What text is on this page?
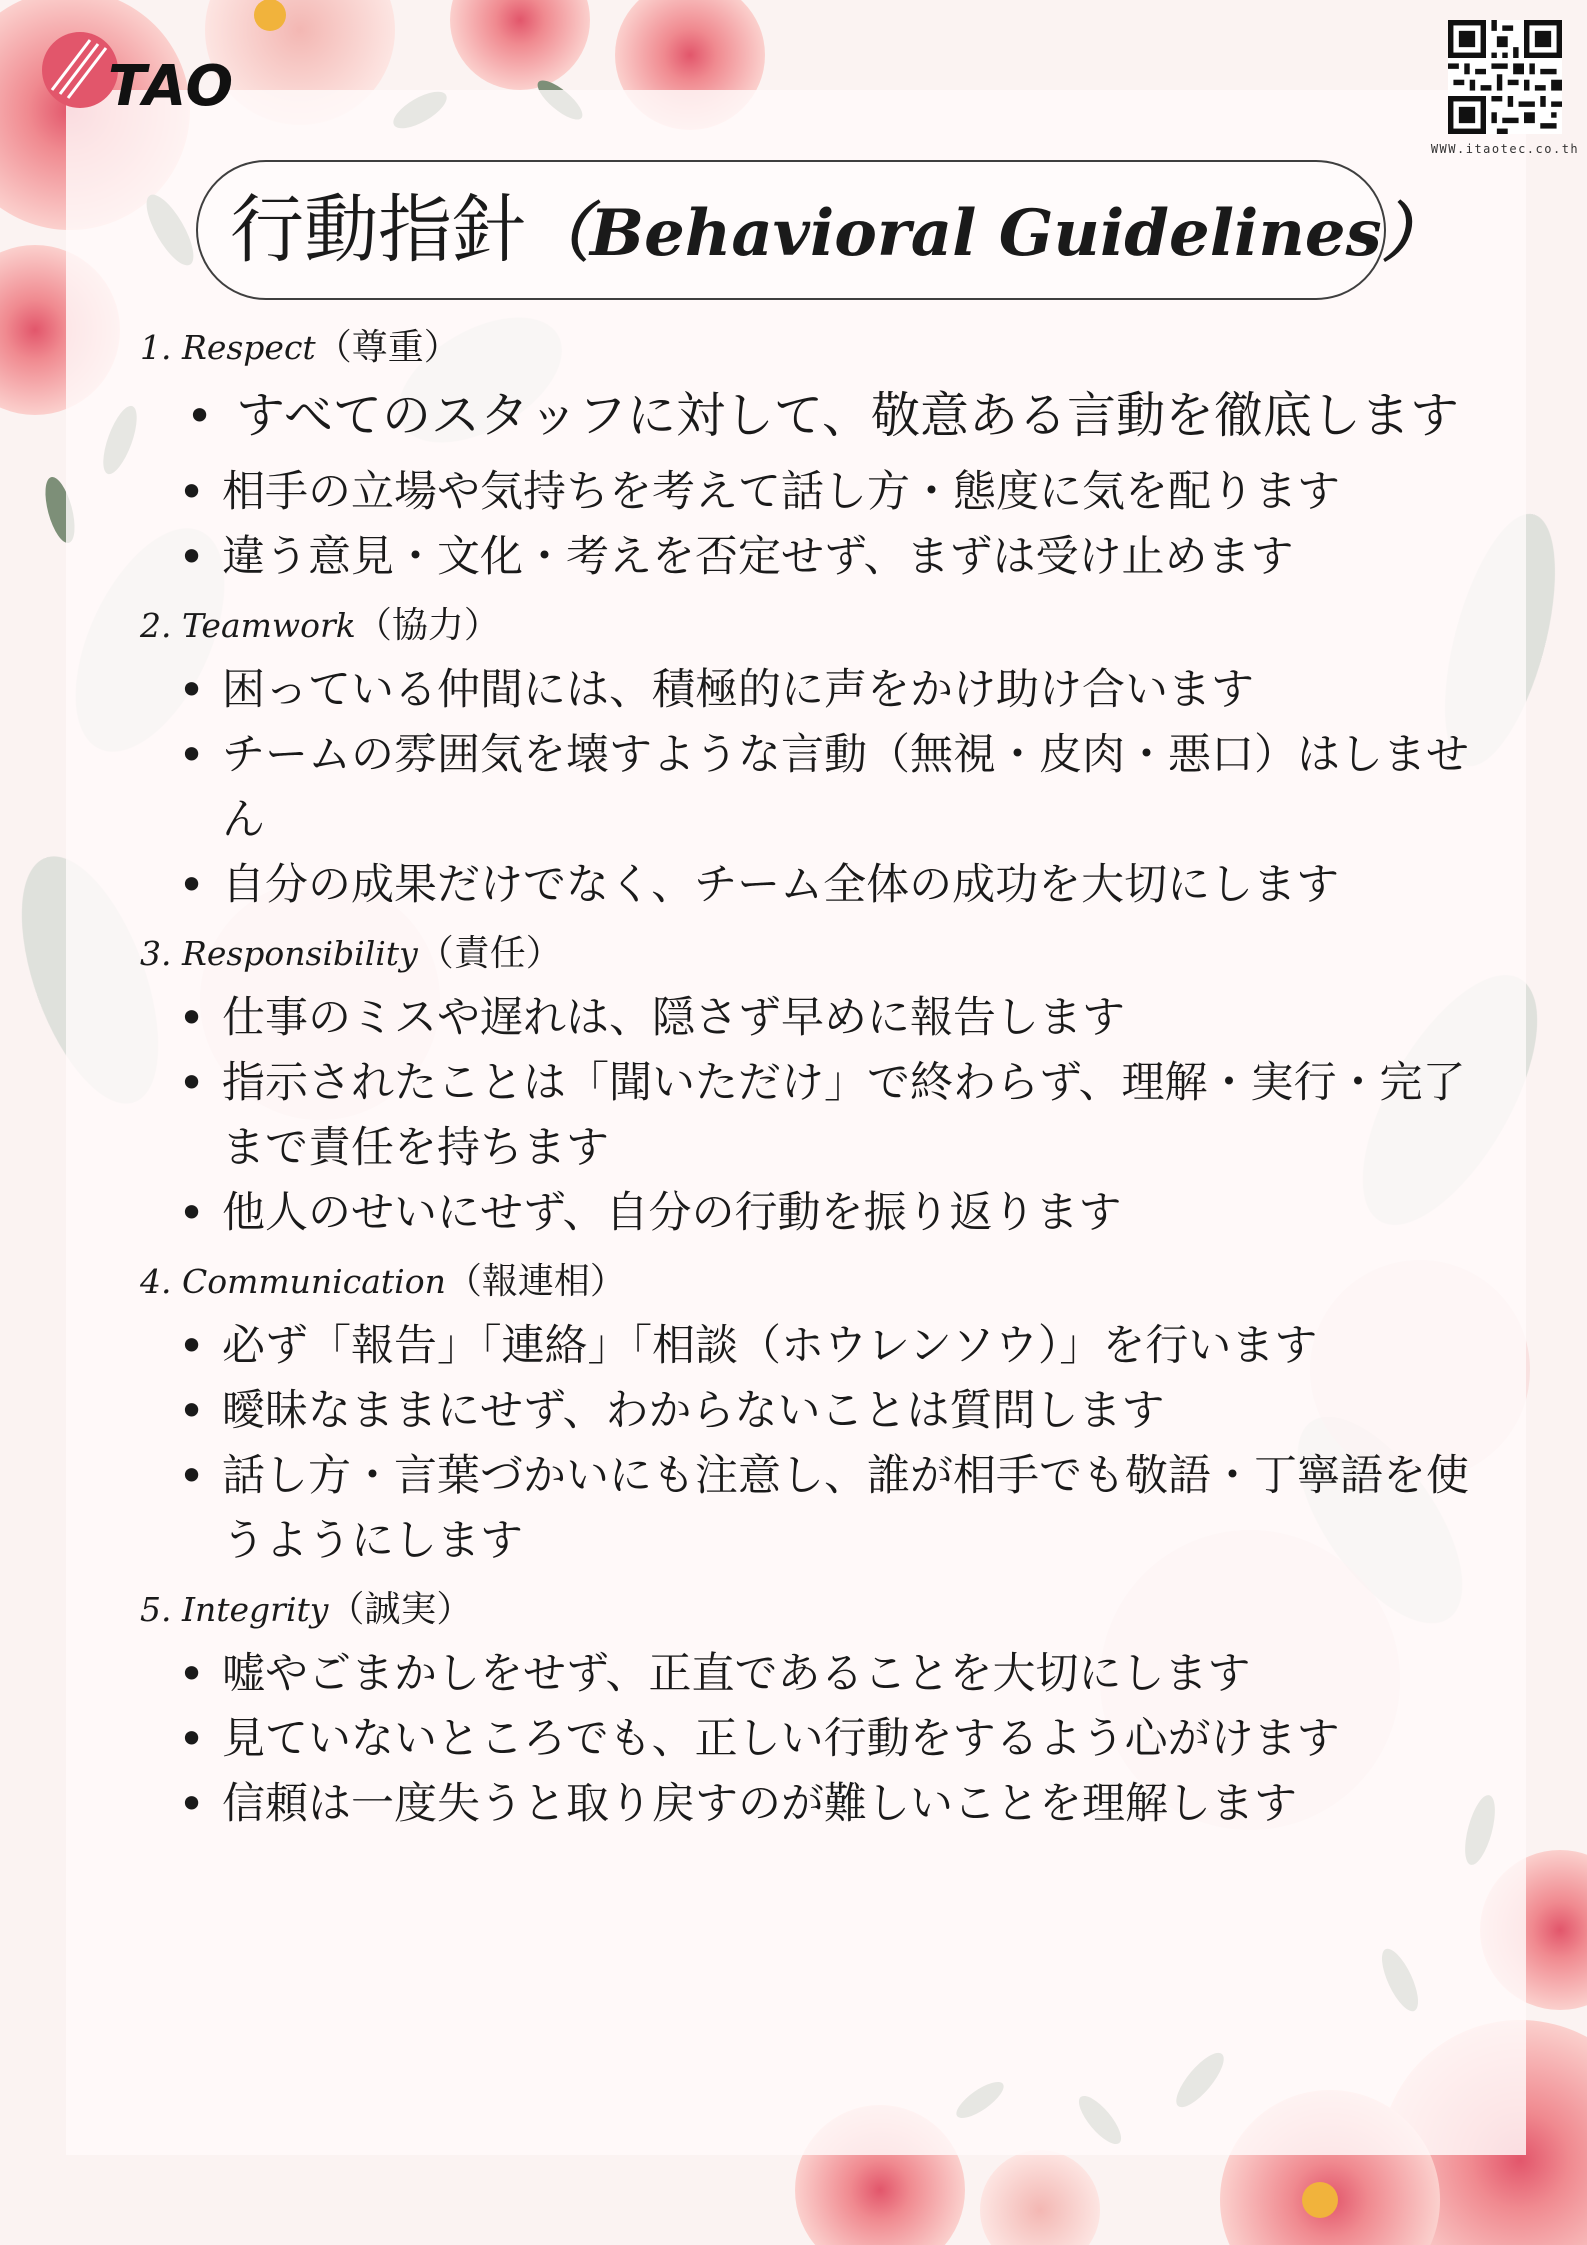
TAO
WWW.itaotec.co.th
行動指針（Behavioral Guidelines）
1. Respect（尊重）
• すべてのスタッフに対して、敬意ある言動を徹底します
• 相手の立場や気持ちを考えて話し方・態度に気を配ります
• 違う意見・文化・考えを否定せず、まずは受け止めます
2. Teamwork（協力）
• 困っている仲間には、積極的に声をかけ助け合います
• チームの雰囲気を壊すような言動（無視・皮肉・悪口）はしません
• 自分の成果だけでなく、チーム全体の成功を大切にします
3. Responsibility（責任）
• 仕事のミスや遅れは、隠さず早めに報告します
• 指示されたことは「聞いただけ」で終わらず、理解・実行・完了まで責任を持ちます
• 他人のせいにせず、自分の行動を振り返ります
4. Communication（報連相）
• 必ず「報告」「連絡」「相談（ホウレンソウ）」を行います
• 曖昧なままにせず、わからないことは質問します
• 話し方・言葉づかいにも注意し、誰が相手でも敬語・丁寧語を使うようにします
5. Integrity（誠実）
• 嘘やごまかしをせず、正直であることを大切にします
• 見ていないところでも、正しい行動をするよう心がけます
• 信頼は一度失うと取り戻すのが難しいことを理解します
